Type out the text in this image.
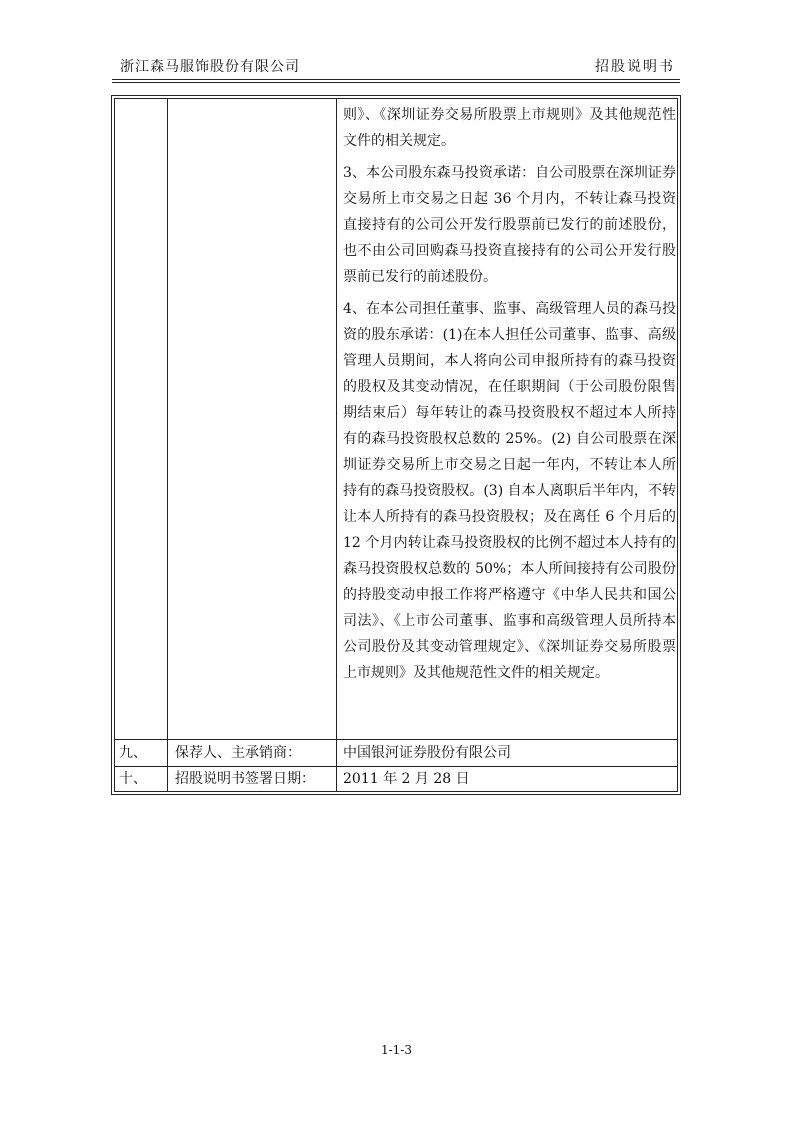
浙江森马服饰股份有限公司	招股说明书

则》、《深圳证券交易所股票上市规则》及其他规范性文件的相关规定。

3、本公司股东森马投资承诺：自公司股票在深圳证券交易所上市交易之日起 36 个月内，不转让森马投资直接持有的公司公开发行股票前已发行的前述股份，也不由公司回购森马投资直接持有的公司公开发行股票前已发行的前述股份。

4、在本公司担任董事、监事、高级管理人员的森马投资的股东承诺：(1)在本人担任公司董事、监事、高级管理人员期间，本人将向公司申报所持有的森马投资的股权及其变动情况，在任职期间（于公司股份限售期结束后）每年转让的森马投资股权不超过本人所持有的森马投资股权总数的 25%。(2) 自公司股票在深圳证券交易所上市交易之日起一年内，不转让本人所持有的森马投资股权。(3) 自本人离职后半年内，不转让本人所持有的森马投资股权；及在离任 6 个月后的 12 个月内转让森马投资股权的比例不超过本人持有的森马投资股权总数的 50%；本人所间接持有公司股份的持股变动申报工作将严格遵守《中华人民共和国公司法》、《上市公司董事、监事和高级管理人员所持本公司股份及其变动管理规定》、《深圳证券交易所股票上市规则》及其他规范性文件的相关规定。

九、 保荐人、主承销商：	中国银河证券股份有限公司
十、 招股说明书签署日期： 2011 年 2 月 28 日
1-1-3
